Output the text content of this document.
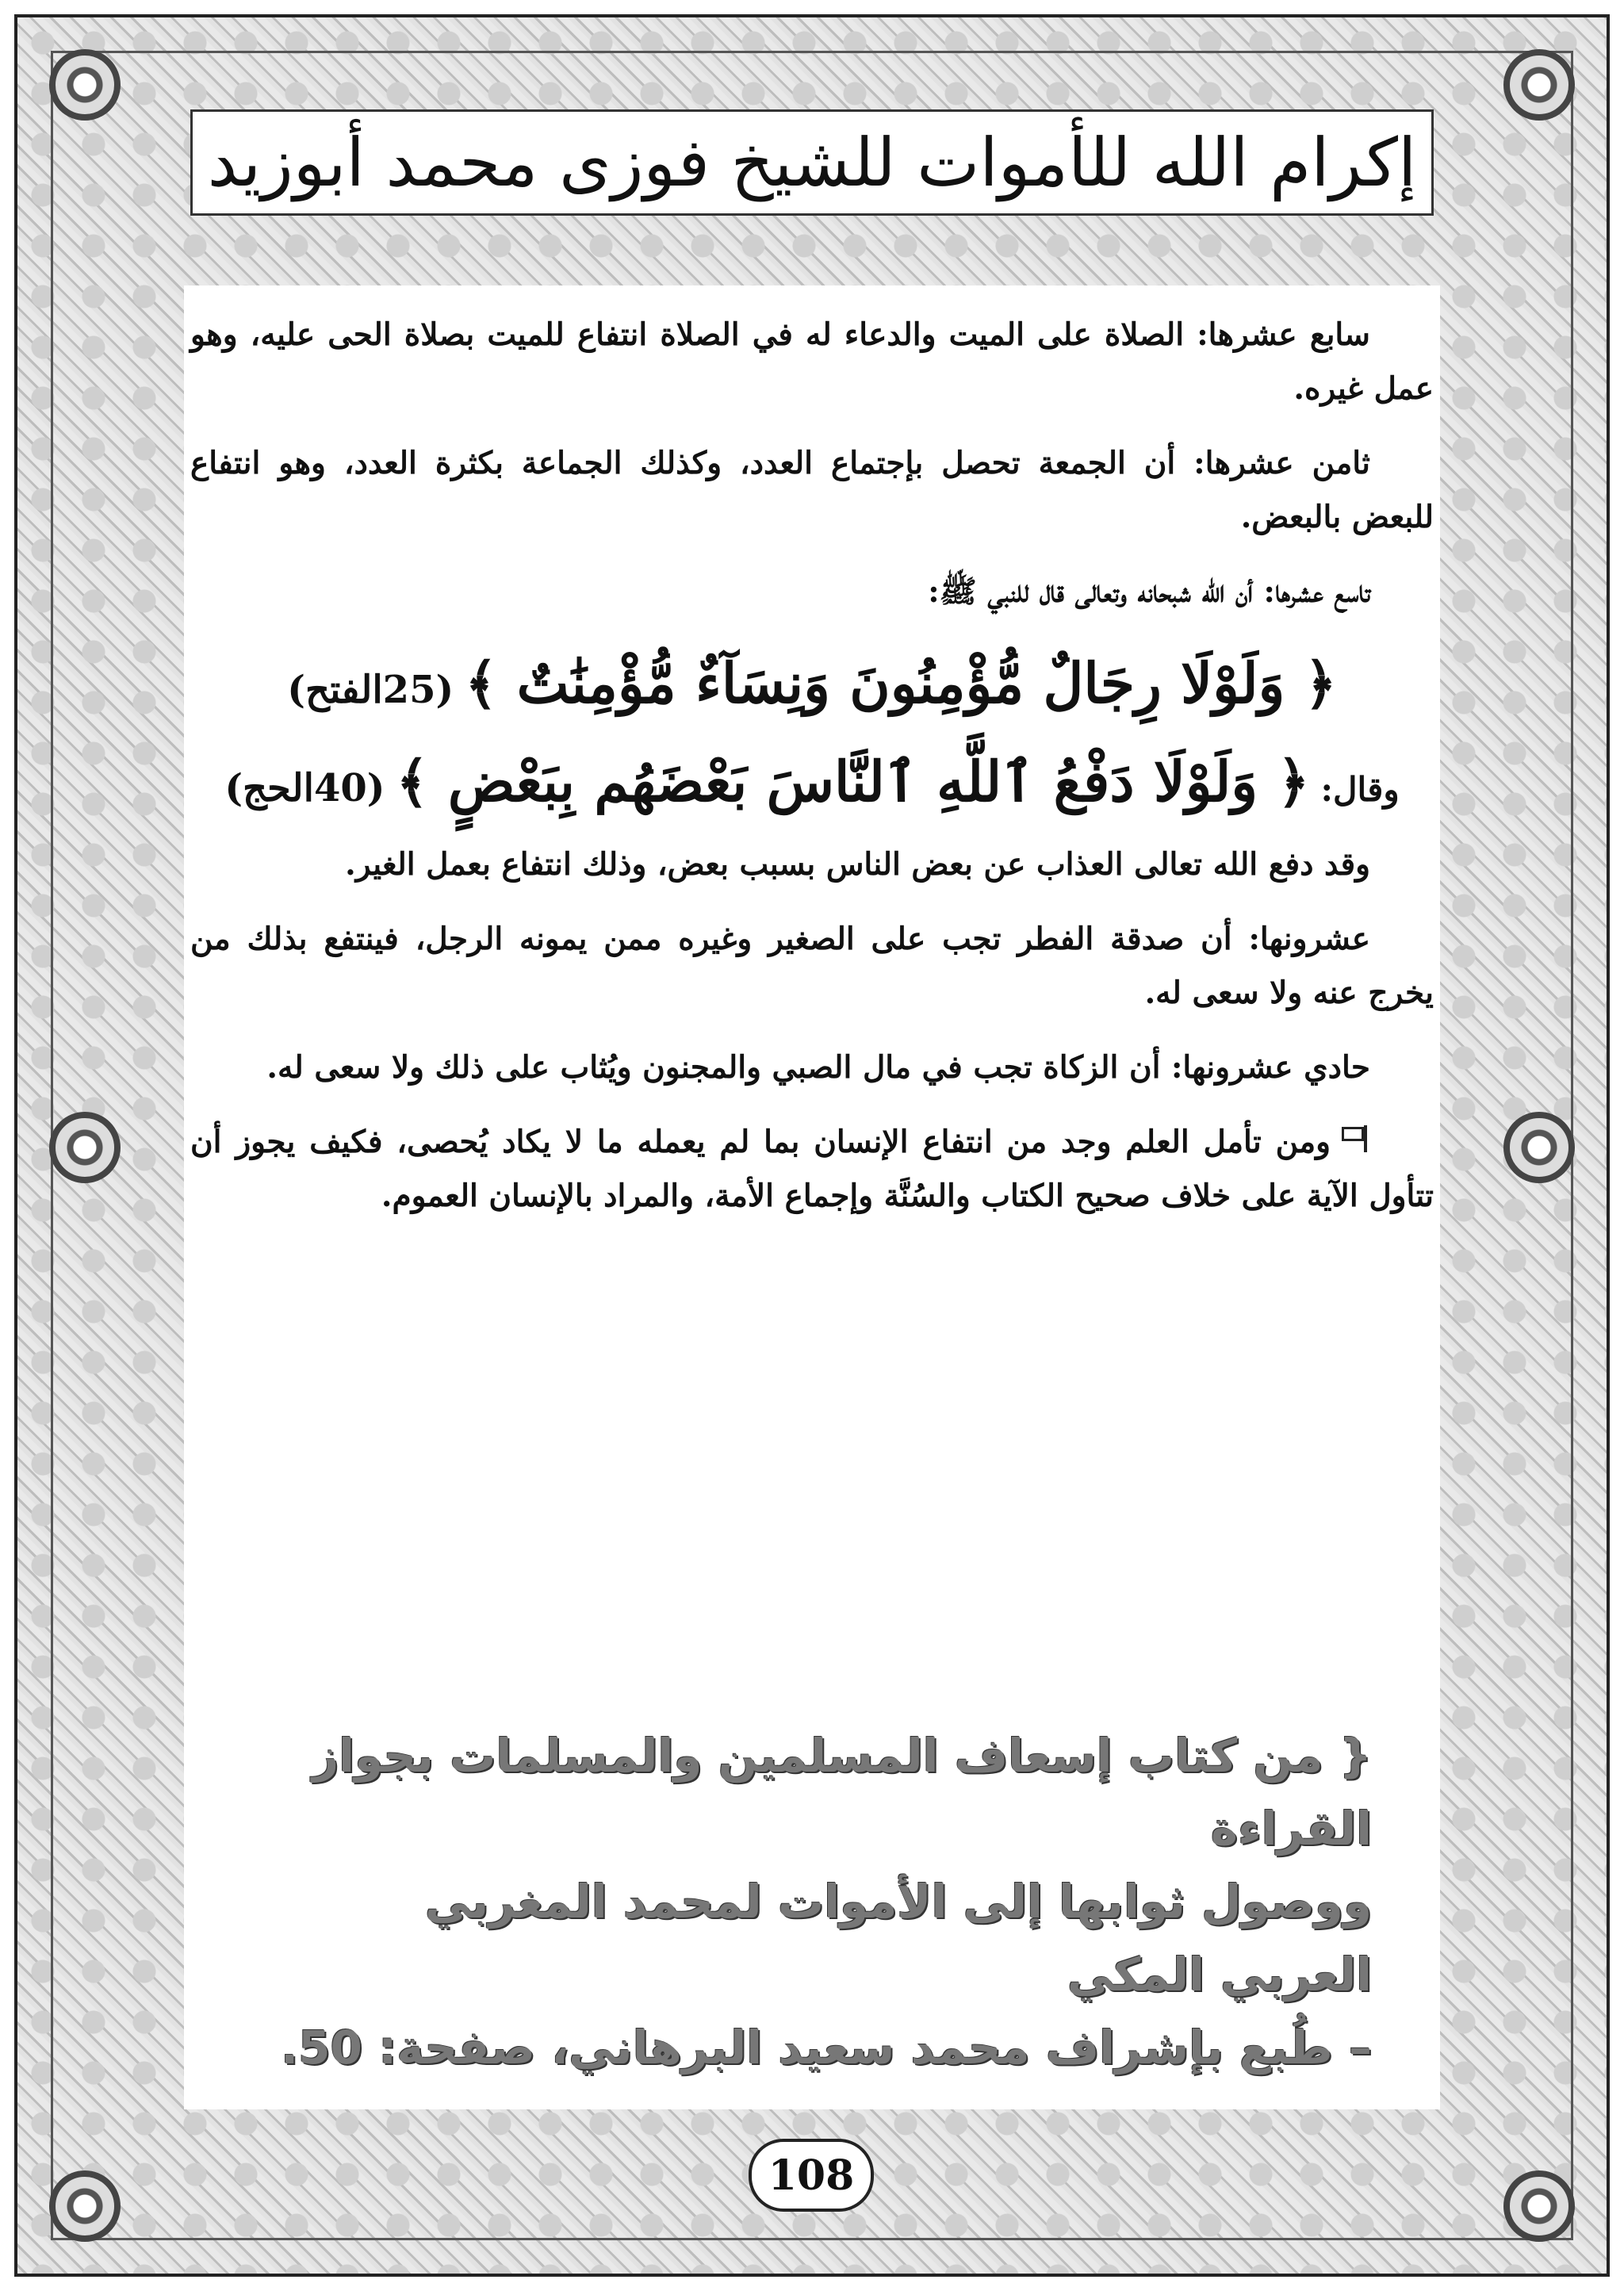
إكرام الله للأموات للشيخ فوزى محمد أبوزيد

سابع عشرها: الصلاة على الميت والدعاء له في الصلاة انتفاع للميت بصلاة الحى عليه، وهو عمل غيره.

ثامن عشرها: أن الجمعة تحصل بإجتماع العدد، وكذلك الجماعة بكثرة العدد، وهو انتفاع للبعض بالبعض.

تاسع عشرها: أن الله شبحانه وتعالى قال للنبي ﷺ:

﴿ وَلَوْلَا رِجَالٌ مُّؤْمِنُونَ وَنِسَآءٌ مُّؤْمِنَٰتٌ ﴾
(25الفتح)
وقال:
﴿ وَلَوْلَا دَفْعُ ٱللَّهِ ٱلنَّاسَ بَعْضَهُم بِبَعْضٍ ﴾
(40الحج)

وقد دفع الله تعالى العذاب عن بعض الناس بسبب بعض، وذلك انتفاع بعمل الغير.

عشرونها: أن صدقة الفطر تجب على الصغير وغيره ممن يمونه الرجل، فينتفع بذلك من يخرج عنه ولا سعى له.

حادي عشرونها: أن الزكاة تجب في مال الصبي والمجنون ويُثاب على ذلك ولا سعى له.

ومن تأمل العلم وجد من انتفاع الإنسان بما لم يعمله ما لا يكاد يُحصى، فكيف يجوز أن تتأول الآية على خلاف صحيح الكتاب والسُنَّة وإجماع الأمة، والمراد بالإنسان العموم.

{ من كتاب إسعاف المسلمين والمسلمات بجواز القراءة
ووصول ثوابها إلى الأموات لمحمد المغربي العربي المكي
– طُبع بإشراف محمد سعيد البرهاني، صفحة: 50.
108
